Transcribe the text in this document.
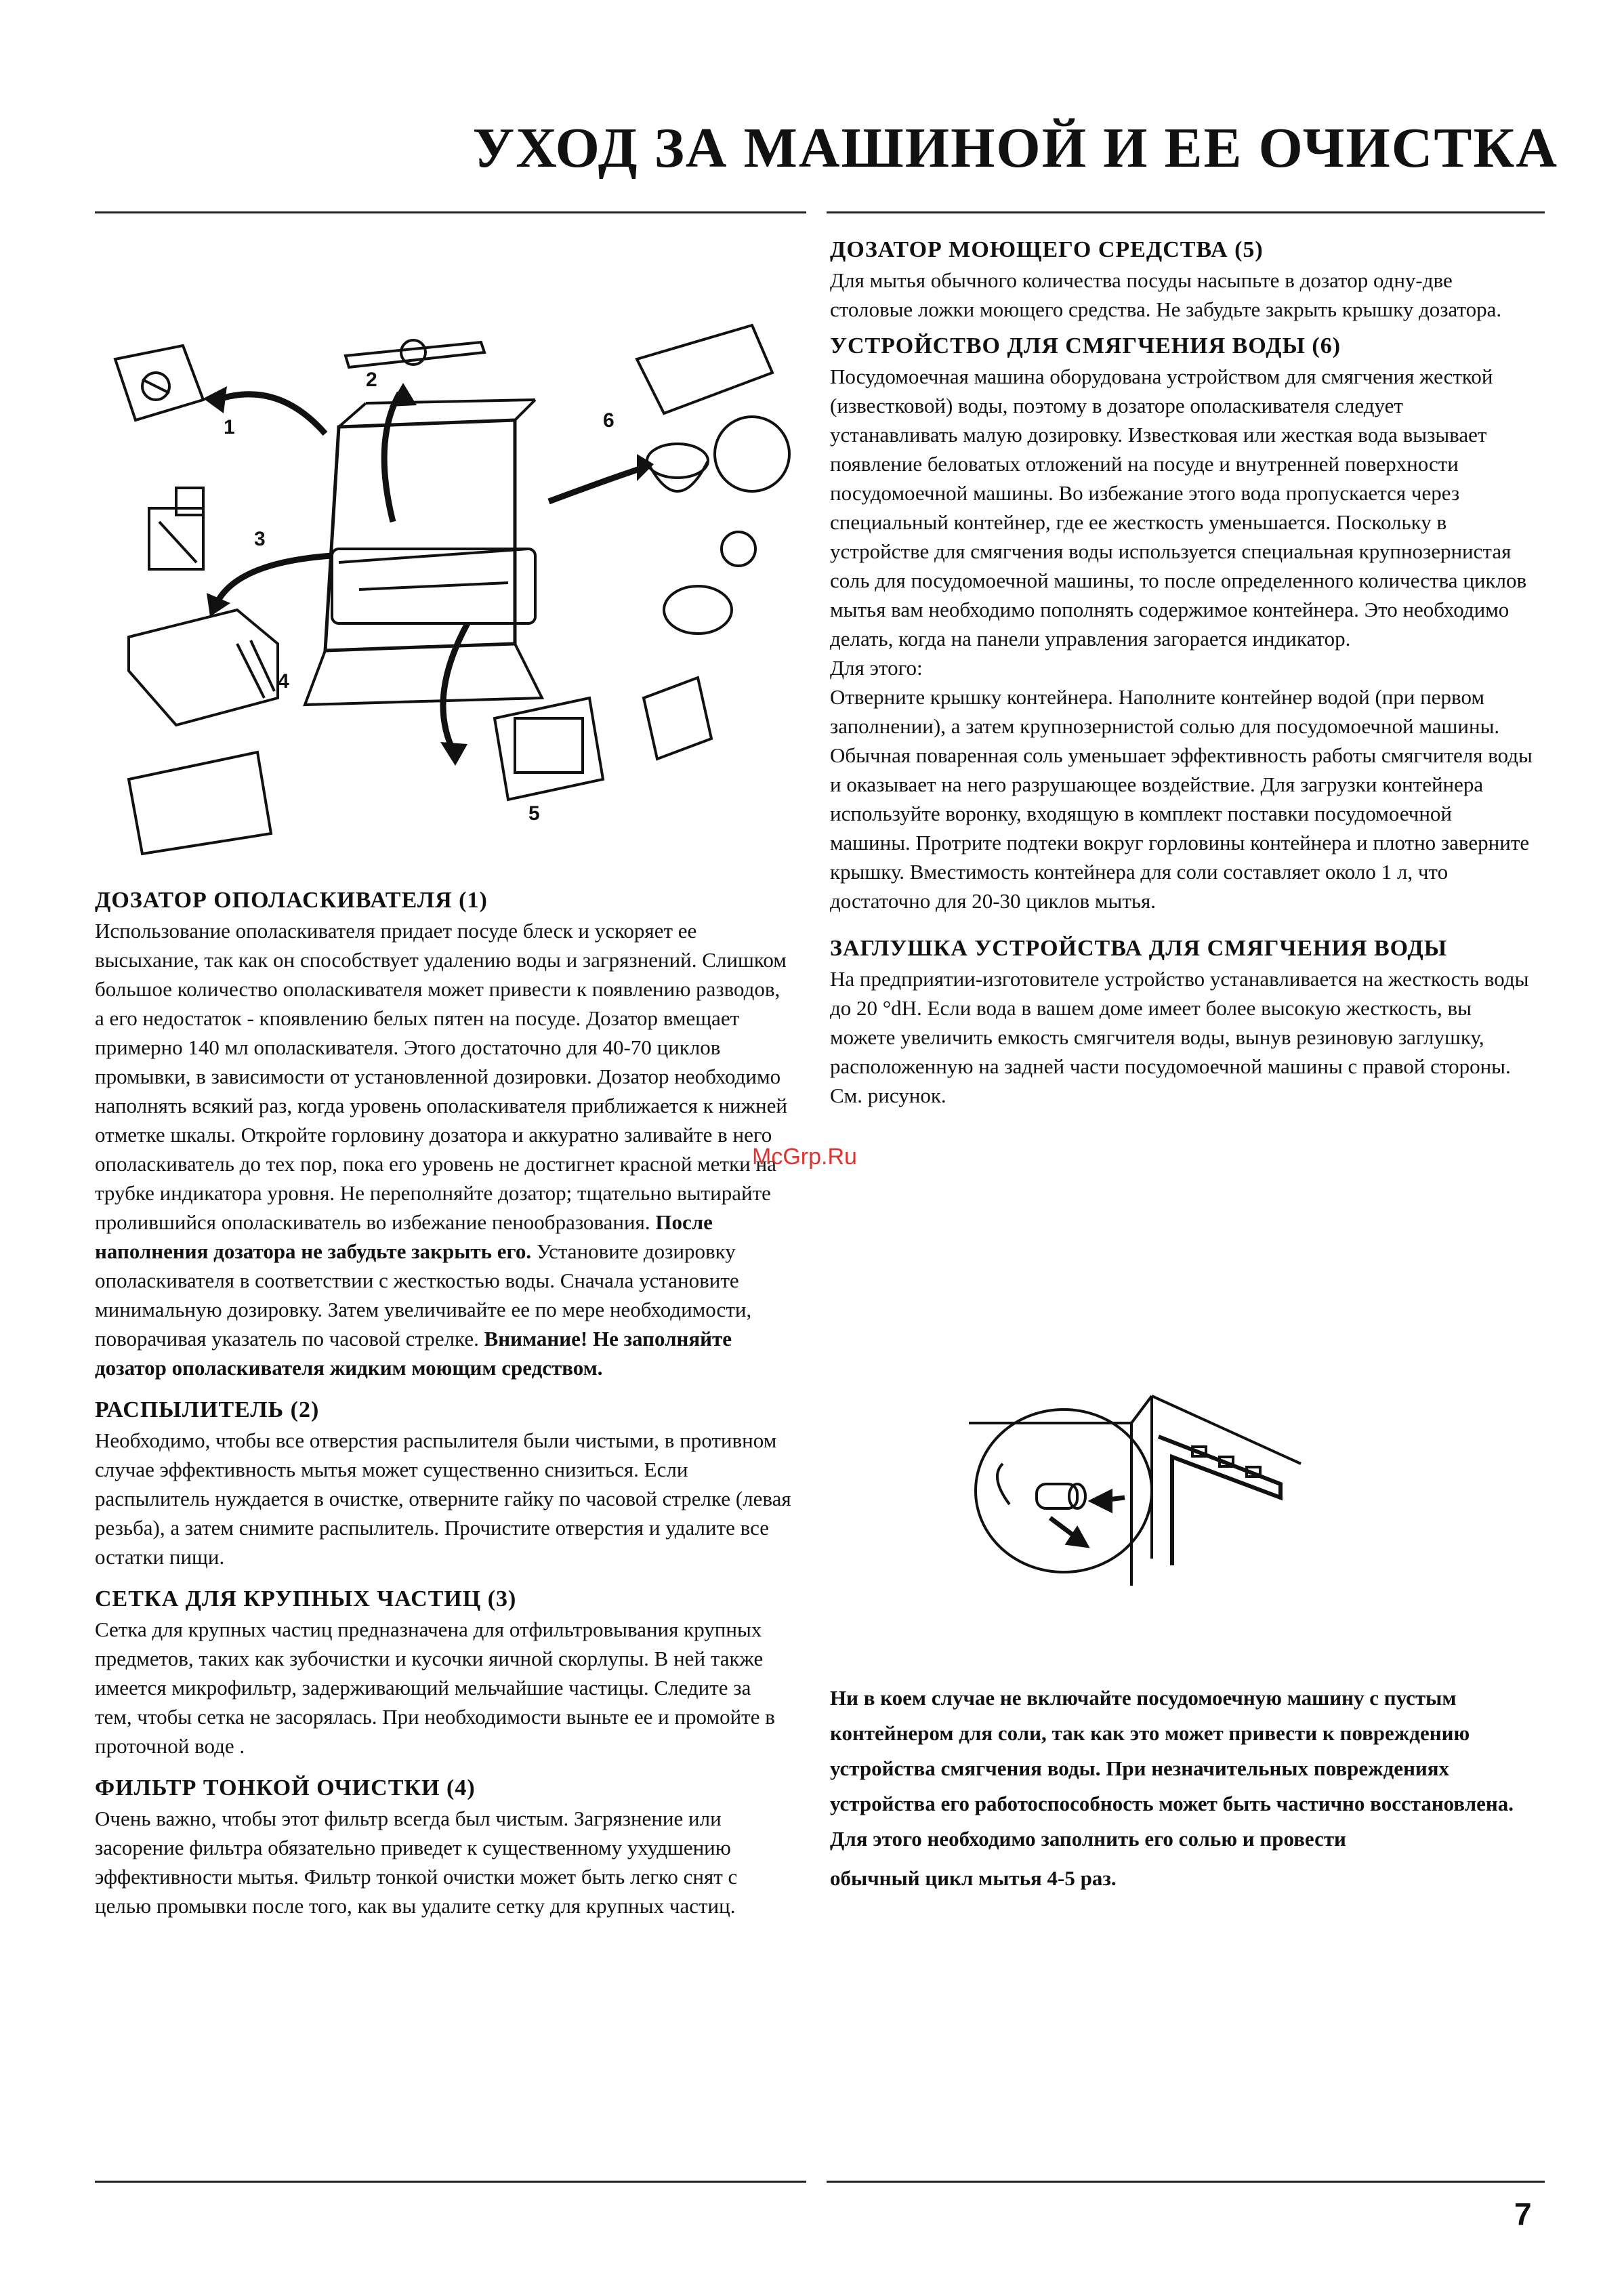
УХОД ЗА МАШИНОЙ И ЕЕ ОЧИСТКА
1
2
3
4
5
6
ДОЗАТОР ОПОЛАСКИВАТЕЛЯ (1)

Использование ополаскивателя придает посуде блеск и ускоряет ее высыхание, так как он способствует удалению воды и загрязнений. Слишком большое количество ополаскивателя может привести к появлению разводов, а его недостаток - кпоявлению белых пятен на посуде. Дозатор вмещает примерно 140 мл ополаскивателя. Этого достаточно для 40-70 циклов промывки, в зависимости от установленной дозировки. Дозатор необходимо наполнять всякий раз, когда уровень ополаскивателя приближается к нижней отметке шкалы. Откройте горловину дозатора и аккуратно заливайте в него ополаскиватель до тех пор, пока его уровень не достигнет красной метки на трубке индикатора уровня. Не переполняйте дозатор; тщательно вытирайте пролившийся ополаскиватель во избежание пенообразования. После наполнения дозатора не забудьте закрыть его. Установите дозировку ополаскивателя в соответствии с жесткостью воды. Сначала установите минимальную дозировку. Затем увеличивайте ее по мере необходимости, поворачивая указатель по часовой стрелке. Внимание! Не заполняйте дозатор ополаскивателя жидким моющим средством.

РАСПЫЛИТЕЛЬ (2)

Необходимо, чтобы все отверстия распылителя были чистыми, в противном случае эффективность мытья может существенно снизиться. Если распылитель нуждается в очистке, отверните гайку по часовой стрелке (левая резьба), а затем снимите распылитель. Прочистите отверстия и удалите все остатки пищи.

СЕТКА ДЛЯ КРУПНЫХ ЧАСТИЦ (3)

Сетка для крупных частиц предназначена для отфильтровывания крупных предметов, таких как зубочистки и кусочки яичной скорлупы. В ней также имеется микрофильтр, задерживающий мельчайшие частицы. Следите за тем, чтобы сетка не засорялась. При необходимости выньте ее и промойте в проточной воде .

ФИЛЬТР ТОНКОЙ ОЧИСТКИ (4)

Очень важно, чтобы этот фильтр всегда был чистым. Загрязнение или засорение фильтра обязательно приведет к существенному ухудшению эффективности мытья. Фильтр тонкой очистки может быть легко снят с целью промывки после того, как вы удалите сетку для крупных частиц.

ДОЗАТОР МОЮЩЕГО СРЕДСТВА (5)

Для мытья обычного количества посуды насыпьте в дозатор одну-две столовые ложки моющего средства. Не забудьте закрыть крышку дозатора.

УСТРОЙСТВО ДЛЯ СМЯГЧЕНИЯ ВОДЫ (6)

Посудомоечная машина оборудована устройством для смягчения жесткой (известковой) воды, поэтому в дозаторе ополаскивателя следует устанавливать малую дозировку. Известковая или жесткая вода вызывает появление беловатых отложений на посуде и внутренней поверхности посудомоечной машины. Во избежание этого вода пропускается через специальный контейнер, где ее жесткость уменьшается. Поскольку в устройстве для смягчения воды используется специальная крупнозернистая соль для посудомоечной машины, то после определенного количества циклов мытья вам необходимо пополнять содержимое контейнера. Это необходимо делать, когда на панели управления загорается индикатор.

Для этого:

Отверните крышку контейнера. Наполните контейнер водой (при первом заполнении), а затем крупнозернистой солью для посудомоечной машины. Обычная поваренная соль уменьшает эффективность работы смягчителя воды и оказывает на него разрушающее воздействие. Для загрузки контейнера используйте воронку, входящую в комплект поставки посудомоечной машины. Протрите подтеки вокруг горловины контейнера и плотно заверните крышку. Вместимость контейнера для соли составляет около 1 л, что достаточно для 20-30 циклов мытья.

ЗАГЛУШКА УСТРОЙСТВА ДЛЯ СМЯГЧЕНИЯ ВОДЫ

На предприятии-изготовителе устройство устанавливается на жесткость воды до 20 °dH. Если вода в вашем доме имеет более высокую жесткость, вы можете увеличить емкость смягчителя воды, вынув резиновую заглушку, расположенную на задней части посудомоечной машины с правой стороны. См. рисунок.

McGrp.Ru

Ни в коем случае не включайте посудомоечную машину с пустым контейнером для соли, так как это может привести к повреждению устройства смягчения воды. При незначительных повреждениях устройства его работоспособность может быть частично восстановлена. Для этого необходимо заполнить его солью и провести

обычный цикл мытья 4-5 раз.

7
